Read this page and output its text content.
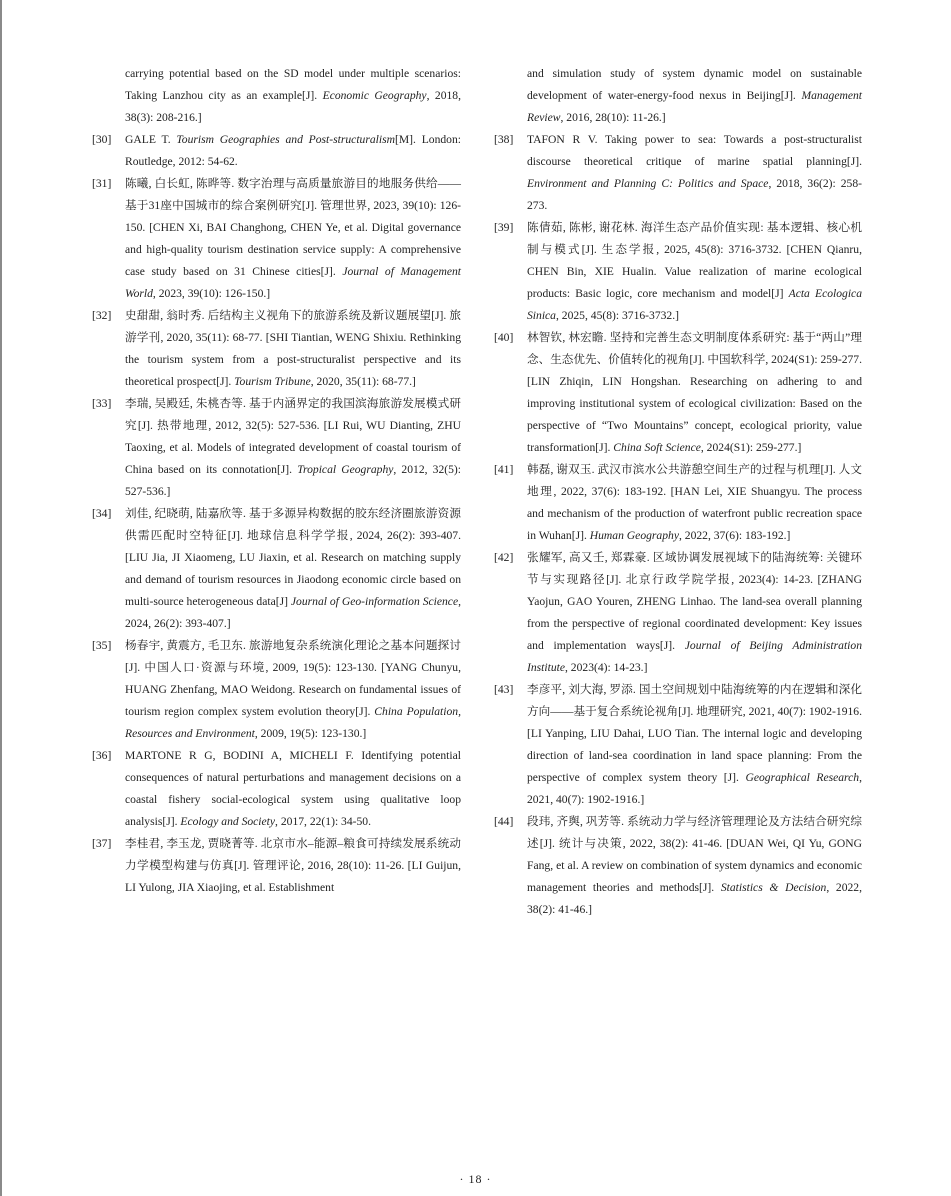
carrying potential based on the SD model under multiple scenarios: Taking Lanzhou city as an example[J]. Economic Geography, 2018, 38(3): 208-216.]
[30] GALE T. Tourism Geographies and Post-structuralism[M]. London: Routledge, 2012: 54-62.
[31] 陈曦, 白长虹, 陈晔等. 数字治理与高质量旅游目的地服务供给——基于31座中国城市的综合案例研究[J]. 管理世界, 2023, 39(10): 126-150. [CHEN Xi, BAI Changhong, CHEN Ye, et al. Digital governance and high-quality tourism destination service supply: A comprehensive case study based on 31 Chinese cities[J]. Journal of Management World, 2023, 39(10): 126-150.]
[32] 史甜甜, 翁时秀. 后结构主义视角下的旅游系统及新议题展望[J]. 旅游学刊, 2020, 35(11): 68-77. [SHI Tiantian, WENG Shixiu. Rethinking the tourism system from a post-structuralist perspective and its theoretical prospect[J]. Tourism Tribune, 2020, 35(11): 68-77.]
[33] 李瑞, 吴殿廷, 朱桃杏等. 基于内涵界定的我国滨海旅游发展模式研究[J]. 热带地理, 2012, 32(5): 527-536. [LI Rui, WU Dianting, ZHU Taoxing, et al. Models of integrated development of coastal tourism of China based on its connotation[J]. Tropical Geography, 2012, 32(5): 527-536.]
[34] 刘佳, 纪晓萌, 陆嘉欣等. 基于多源异构数据的胶东经济圈旅游资源供需匹配时空特征[J]. 地球信息科学学报, 2024, 26(2): 393-407. [LIU Jia, JI Xiaomeng, LU Jiaxin, et al. Research on matching supply and demand of tourism resources in Jiaodong economic circle based on multi-source heterogeneous data[J] Journal of Geo-information Science, 2024, 26(2): 393-407.]
[35] 杨春宇, 黄震方, 毛卫东. 旅游地复杂系统演化理论之基本问题探讨[J]. 中国人口·资源与环境, 2009, 19(5): 123-130. [YANG Chunyu, HUANG Zhenfang, MAO Weidong. Research on fundamental issues of tourism region complex system evolution theory[J]. China Population, Resources and Environment, 2009, 19(5): 123-130.]
[36] MARTONE R G, BODINI A, MICHELI F. Identifying potential consequences of natural perturbations and management decisions on a coastal fishery social-ecological system using qualitative loop analysis[J]. Ecology and Society, 2017, 22(1): 34-50.
[37] 李桂君, 李玉龙, 贾晓菁等. 北京市水–能源–粮食可持续发展系统动力学模型构建与仿真[J]. 管理评论, 2016, 28(10): 11-26. [LI Guijun, LI Yulong, JIA Xiaojing, et al. Establishment
and simulation study of system dynamic model on sustainable development of water-energy-food nexus in Beijing[J]. Management Review, 2016, 28(10): 11-26.]
[38] TAFON R V. Taking power to sea: Towards a post-structuralist discourse theoretical critique of marine spatial planning[J]. Environment and Planning C: Politics and Space, 2018, 36(2): 258-273.
[39] 陈倩茹, 陈彬, 谢花林. 海洋生态产品价值实现: 基本逻辑、核心机制与模式[J]. 生态学报, 2025, 45(8): 3716-3732. [CHEN Qianru, CHEN Bin, XIE Hualin. Value realization of marine ecological products: Basic logic, core mechanism and model[J] Acta Ecologica Sinica, 2025, 45(8): 3716-3732.]
[40] 林智钦, 林宏瞻. 坚持和完善生态文明制度体系研究: 基于“两山”理念、生态优先、价值转化的视角[J]. 中国软科学, 2024(S1): 259-277. [LIN Zhiqin, LIN Hongshan. Researching on adhering to and improving institutional system of ecological civilization: Based on the perspective of “Two Mountains” concept, ecological priority, value transformation[J]. China Soft Science, 2024(S1): 259-277.]
[41] 韩磊, 谢双玉. 武汉市滨水公共游憩空间生产的过程与机理[J]. 人文地理, 2022, 37(6): 183-192. [HAN Lei, XIE Shuangyu. The process and mechanism of the production of waterfront public recreation space in Wuhan[J]. Human Geography, 2022, 37(6): 183-192.]
[42] 张耀军, 高又壬, 郑霖豪. 区域协调发展视域下的陆海统筹: 关键环节与实现路径[J]. 北京行政学院学报, 2023(4): 14-23. [ZHANG Yaojun, GAO Youren, ZHENG Linhao. The land-sea overall planning from the perspective of regional coordinated development: Key issues and implementation ways[J]. Journal of Beijing Administration Institute, 2023(4): 14-23.]
[43] 李彦平, 刘大海, 罗添. 国土空间规划中陆海统筹的内在逻辑和深化方向——基于复合系统论视角[J]. 地理研究, 2021, 40(7): 1902-1916. [LI Yanping, LIU Dahai, LUO Tian. The internal logic and developing direction of land-sea coordination in land space planning: From the perspective of complex system theory [J]. Geographical Research, 2021, 40(7): 1902-1916.]
[44] 段玮, 齐舆, 巩芳等. 系统动力学与经济管理理论及方法结合研究综述[J]. 统计与决策, 2022, 38(2): 41-46. [DUAN Wei, QI Yu, GONG Fang, et al. A review on combination of system dynamics and economic management theories and methods[J]. Statistics & Decision, 2022, 38(2): 41-46.]
· 18 ·
